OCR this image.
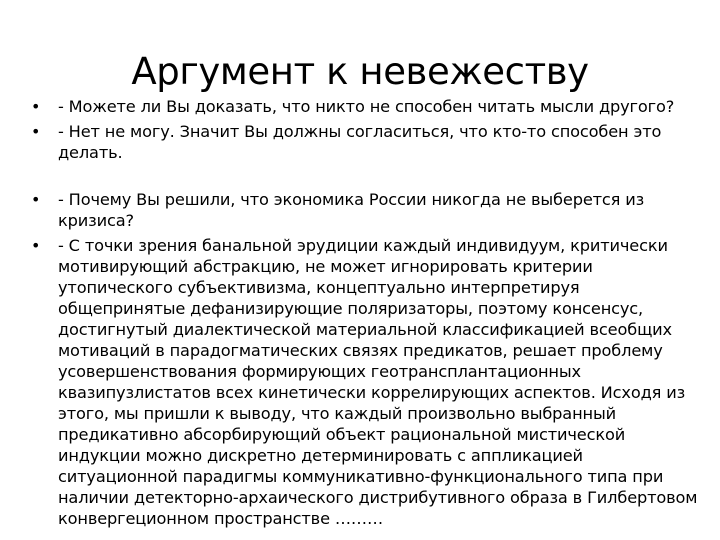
Аргумент к невежеству
• - Можете ли Вы доказать, что никто не способен читать мысли другого?
• - Нет не могу. Значит Вы должны согласиться, что кто-то способен это делать.
• - Почему Вы решили, что экономика России никогда не выберется из кризиса?
• - С точки зрения банальной эрудиции каждый индивидуум, критически мотивирующий абстракцию, не может игнорировать критерии утопического субъективизма, концептуально интерпретируя общепринятые дефанизирующие поляризаторы, поэтому консенсус, достигнутый диалектической материальной классификацией всеобщих мотиваций в парадогматических связях предикатов, решает проблему усовершенствования формирующих геотрансплантационных квазипузлистатов всех кинетически коррелирующих аспектов. Исходя из этого, мы пришли к выводу, что каждый произвольно выбранный предикативно абсорбирующий объект рациональной мистической индукции можно дискретно детерминировать с аппликацией ситуационной парадигмы коммуникативно-функционального типа при наличии детекторно-архаического дистрибутивного образа в Гилбертовом конвергеционном пространстве ………
